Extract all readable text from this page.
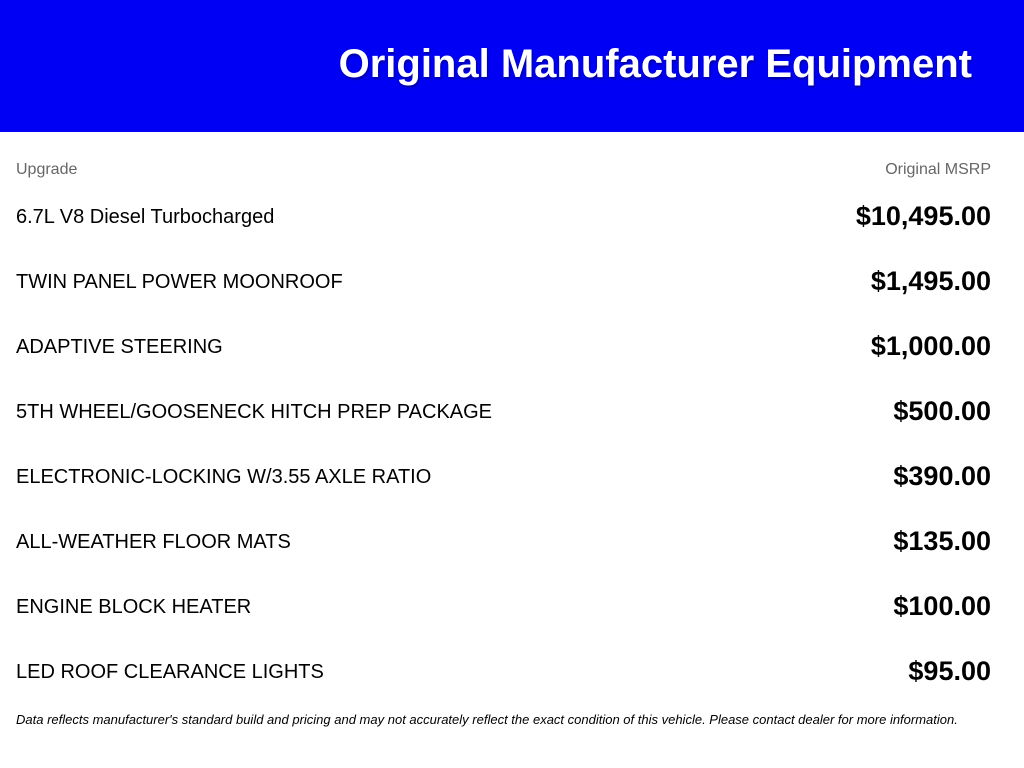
Original Manufacturer Equipment
Upgrade	Original MSRP
6.7L V8 Diesel Turbocharged	$10,495.00
TWIN PANEL POWER MOONROOF	$1,495.00
ADAPTIVE STEERING	$1,000.00
5TH WHEEL/GOOSENECK HITCH PREP PACKAGE	$500.00
ELECTRONIC-LOCKING W/3.55 AXLE RATIO	$390.00
ALL-WEATHER FLOOR MATS	$135.00
ENGINE BLOCK HEATER	$100.00
LED ROOF CLEARANCE LIGHTS	$95.00
Data reflects manufacturer's standard build and pricing and may not accurately reflect the exact condition of this vehicle. Please contact dealer for more information.
